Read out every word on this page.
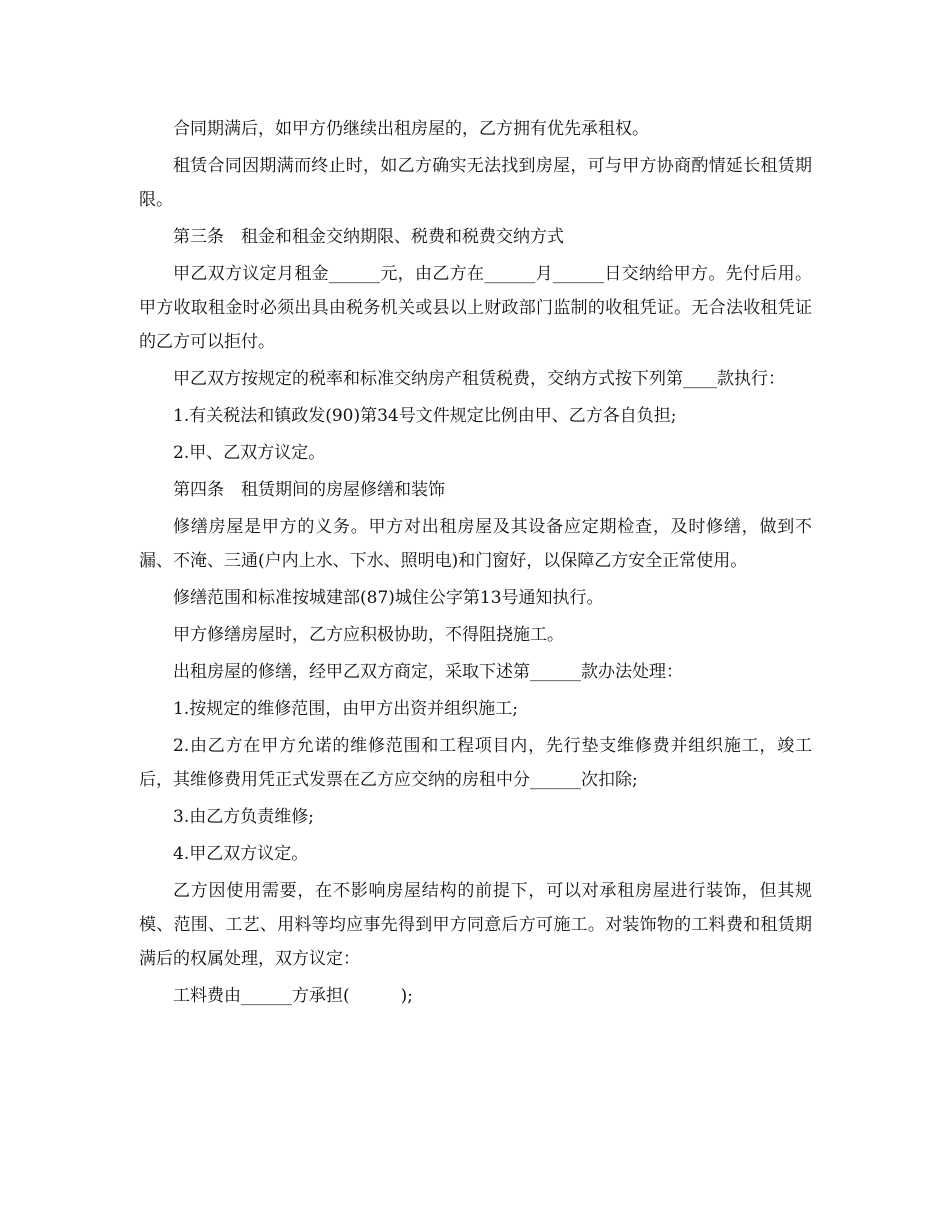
合同期满后，如甲方仍继续出租房屋的，乙方拥有优先承租权。

租赁合同因期满而终止时，如乙方确实无法找到房屋，可与甲方协商酌情延长租赁期限。

第三条　租金和租金交纳期限、税费和税费交纳方式

甲乙双方议定月租金______元，由乙方在______月______日交纳给甲方。先付后用。甲方收取租金时必须出具由税务机关或县以上财政部门监制的收租凭证。无合法收租凭证的乙方可以拒付。

甲乙双方按规定的税率和标准交纳房产租赁税费，交纳方式按下列第____款执行：

1.有关税法和镇政发(90)第34号文件规定比例由甲、乙方各自负担;

2.甲、乙双方议定。

第四条　租赁期间的房屋修缮和装饰

修缮房屋是甲方的义务。甲方对出租房屋及其设备应定期检查，及时修缮，做到不漏、不淹、三通(户内上水、下水、照明电)和门窗好，以保障乙方安全正常使用。

修缮范围和标准按城建部(87)城住公字第13号通知执行。

甲方修缮房屋时，乙方应积极协助，不得阻挠施工。

出租房屋的修缮，经甲乙双方商定，采取下述第______款办法处理：

1.按规定的维修范围，由甲方出资并组织施工;

2.由乙方在甲方允诺的维修范围和工程项目内，先行垫支维修费并组织施工，竣工后，其维修费用凭正式发票在乙方应交纳的房租中分______次扣除;

3.由乙方负责维修;

4.甲乙双方议定。

乙方因使用需要，在不影响房屋结构的前提下，可以对承租房屋进行装饰，但其规模、范围、工艺、用料等均应事先得到甲方同意后方可施工。对装饰物的工料费和租赁期满后的权属处理，双方议定：

工料费由______方承担(　　　);
